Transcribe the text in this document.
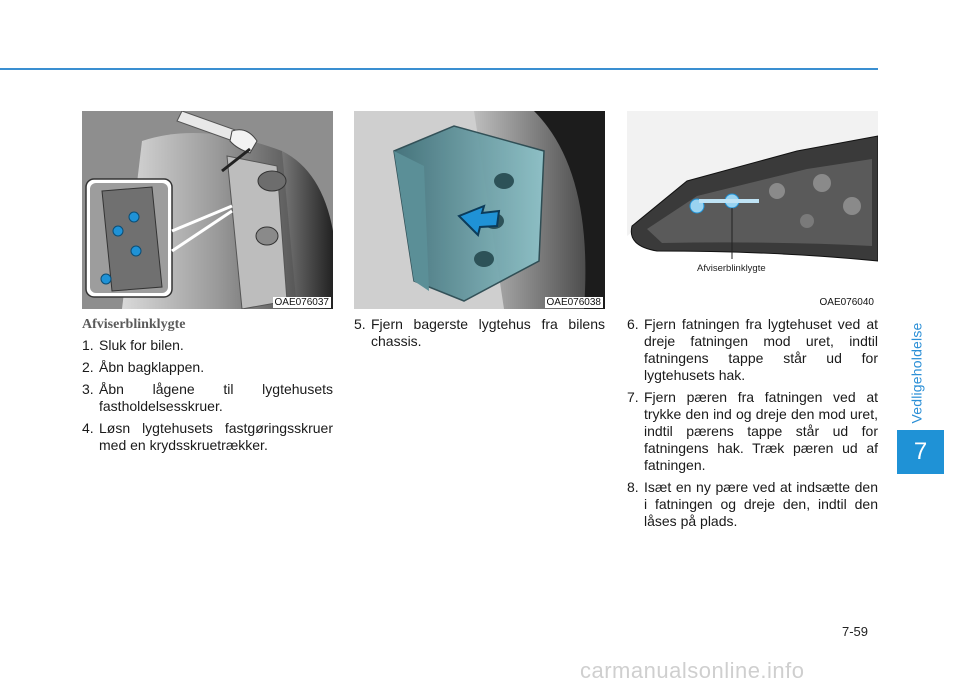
OAE076037	OAE076038
Afviserblinklygte
OAE076040
Afviserblinklygte
1. Sluk for bilen.
2. Åbn bagklappen.
3. Åbn lågene til lygtehusets fastholdelsesskruer.
4. Løsn lygtehusets fastgøringsskruer med en krydsskruetrækker.
5. Fjern bagerste lygtehus fra bilens chassis.
6. Fjern fatningen fra lygtehuset ved at dreje fatningen mod uret, indtil fatningens tappe står ud for lygtehusets hak.
7. Fjern pæren fra fatningen ved at trykke den ind og dreje den mod uret, indtil pærens tappe står ud for fatningens hak. Træk pæren ud af fatningen.
8. Isæt en ny pære ved at indsætte den i fatningen og dreje den, indtil den låses på plads.
Vedligeholdelse
7
7-59
carmanualsonline.info
